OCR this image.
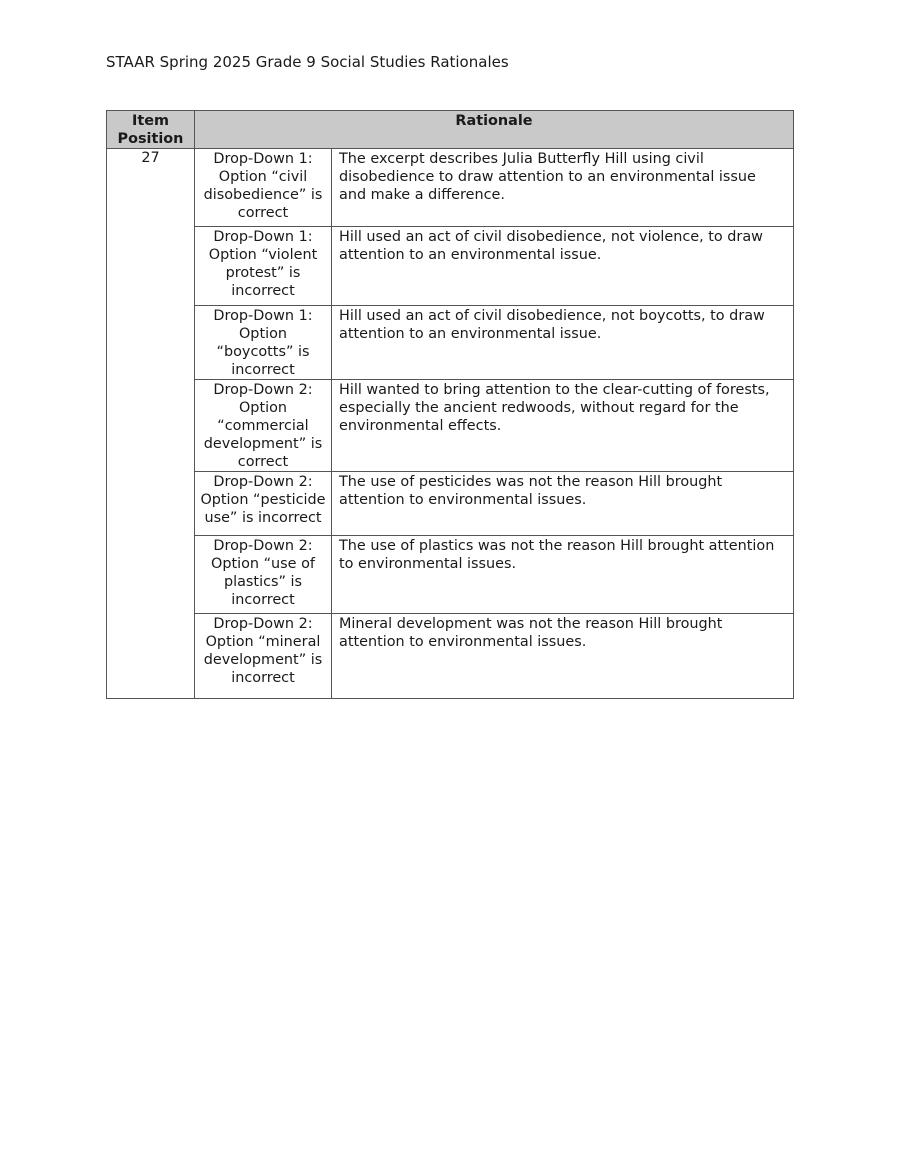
STAAR Spring 2025 Grade 9 Social Studies Rationales
Item Position	Rationale	
27	Drop-Down 1: Option “civil disobedience” is correct	The excerpt describes Julia Butterfly Hill using civil disobedience to draw attention to an environmental issue and make a difference.
	Drop-Down 1: Option “violent protest” is incorrect	Hill used an act of civil disobedience, not violence, to draw attention to an environmental issue.
	Drop-Down 1: Option “boycotts” is incorrect	Hill used an act of civil disobedience, not boycotts, to draw attention to an environmental issue.
	Drop-Down 2: Option “commercial development” is correct	Hill wanted to bring attention to the clear-cutting of forests, especially the ancient redwoods, without regard for the environmental effects.
	Drop-Down 2: Option “pesticide use” is incorrect	The use of pesticides was not the reason Hill brought attention to environmental issues.
	Drop-Down 2: Option “use of plastics” is incorrect	The use of plastics was not the reason Hill brought attention to environmental issues.
	Drop-Down 2: Option “mineral development” is incorrect	Mineral development was not the reason Hill brought attention to environmental issues.
